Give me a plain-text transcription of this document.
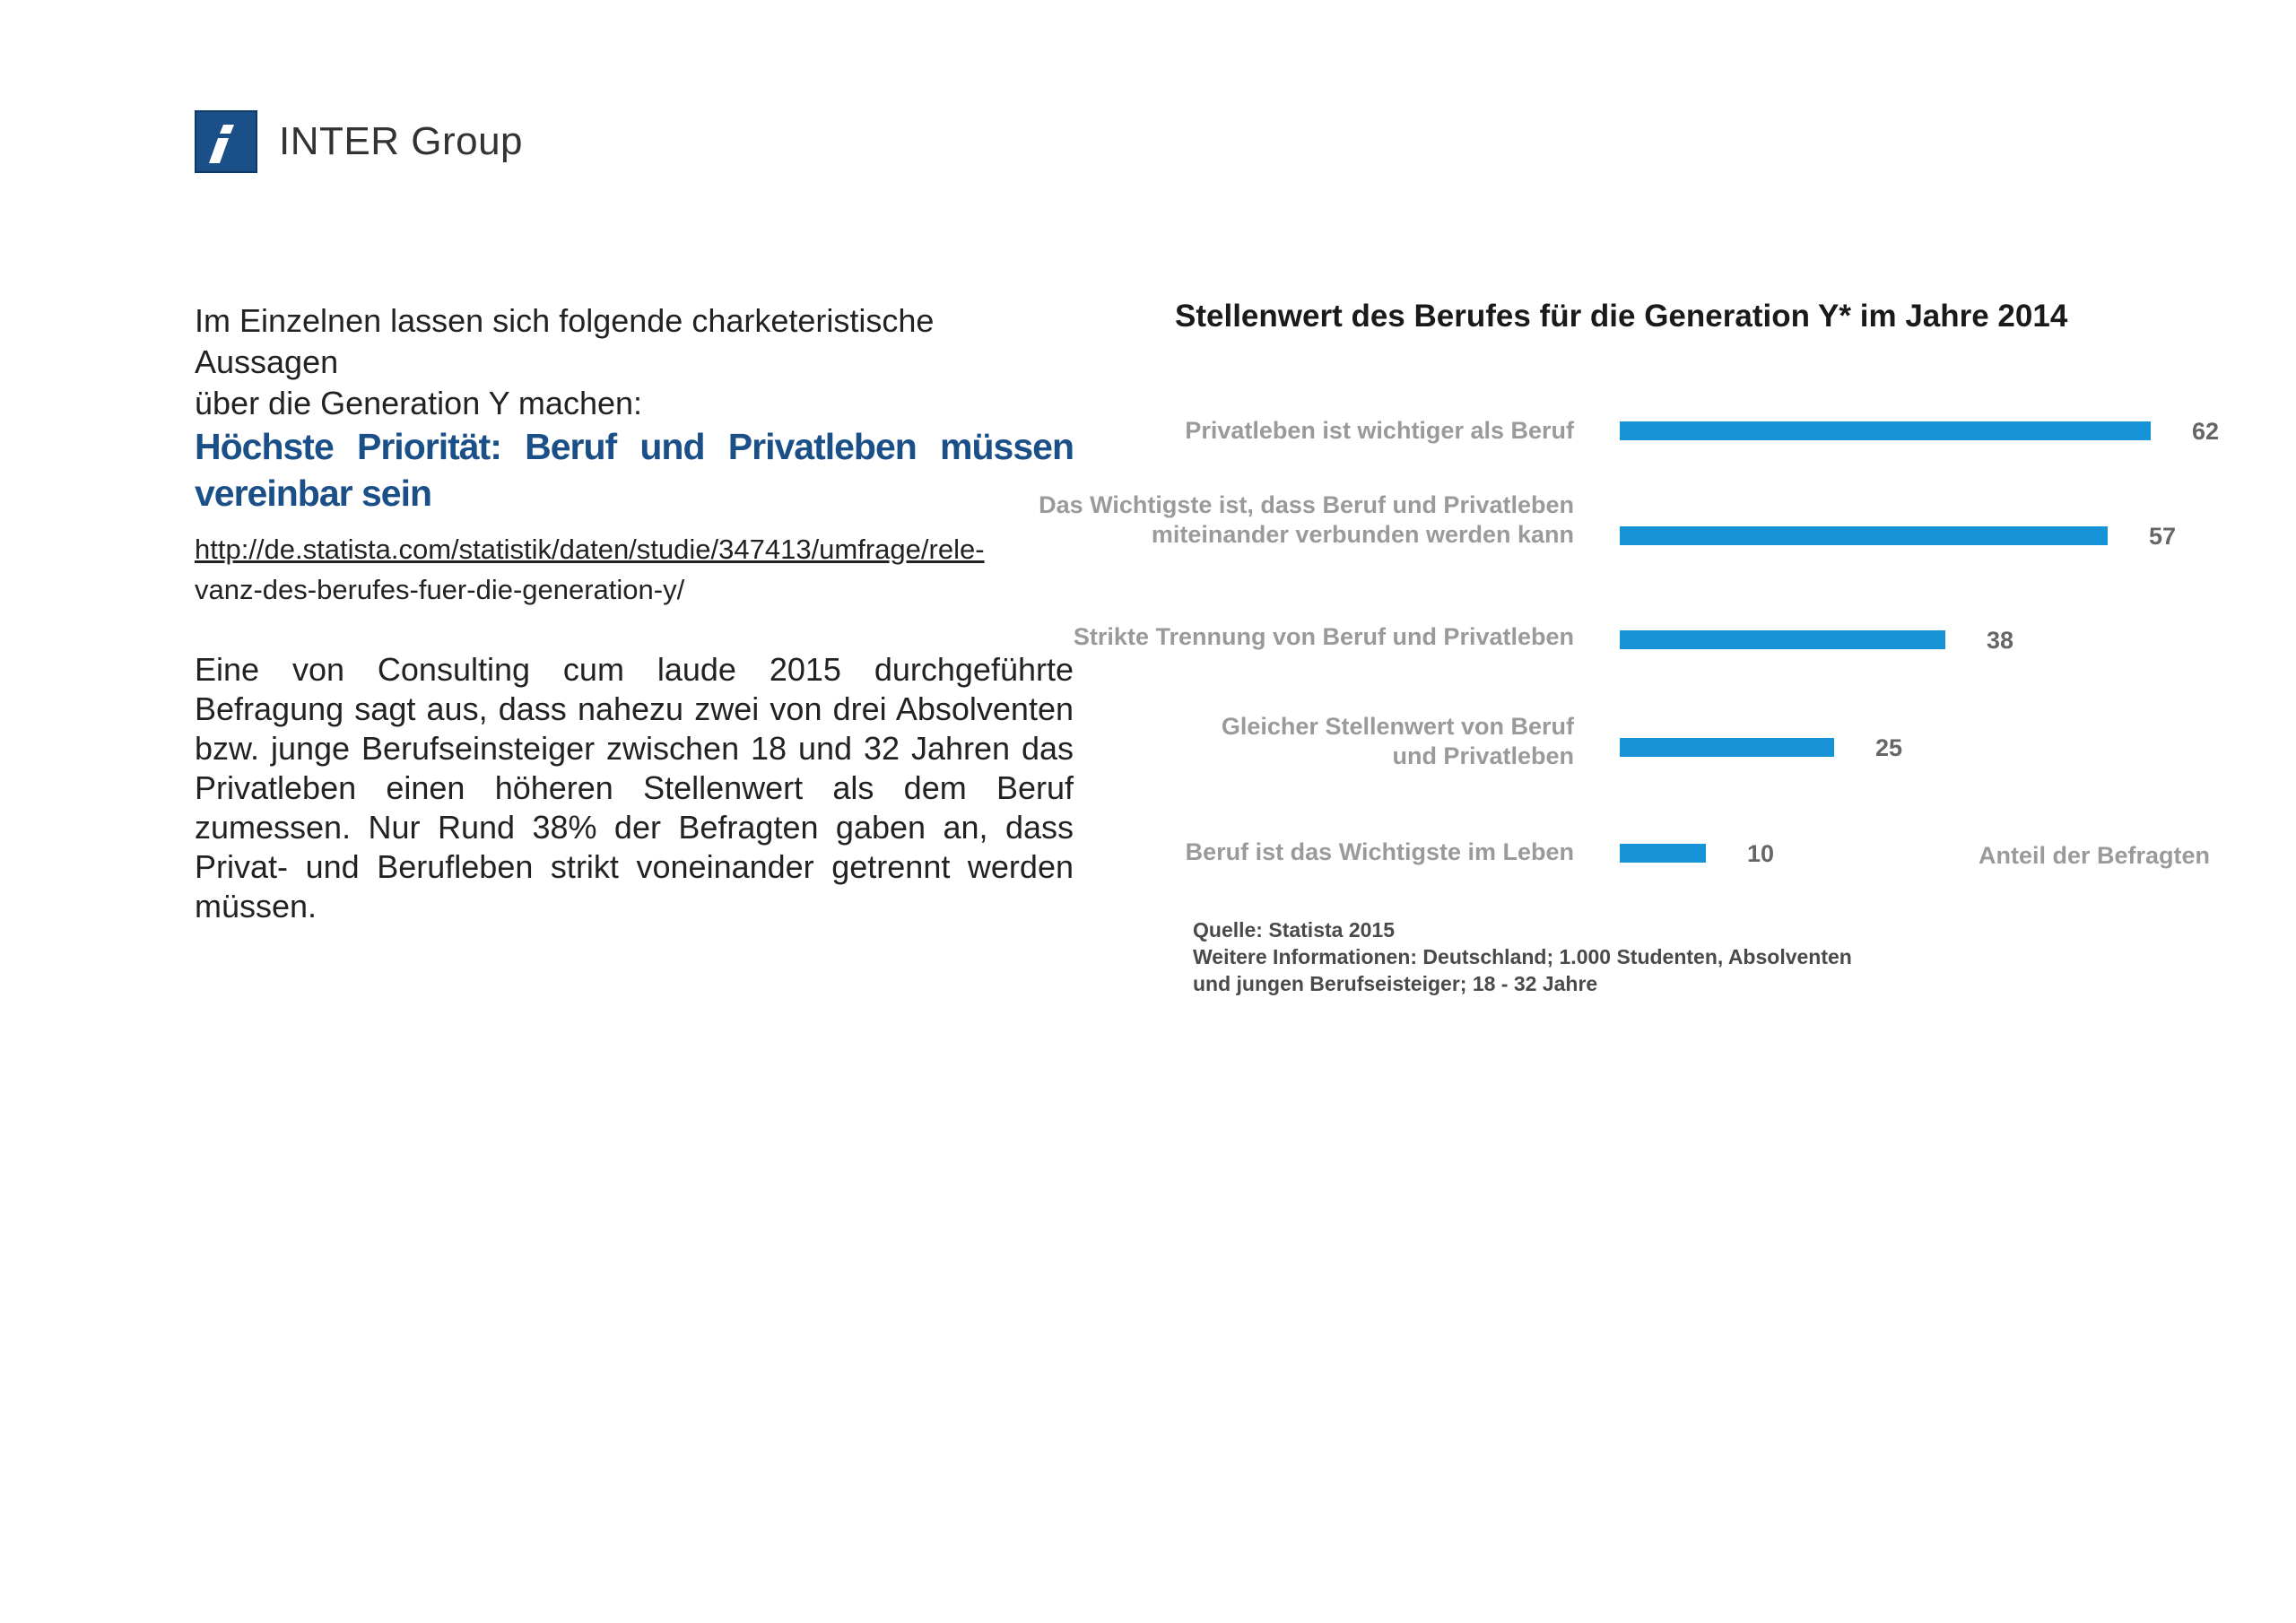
INTER Group
Im Einzelnen lassen sich folgende charketeristische Aussagen
über die Generation Y machen:
Höchste Priorität: Beruf und Privatleben müssen vereinbar sein
http://de.statista.com/statistik/daten/studie/347413/umfrage/rele-
vanz-des-berufes-fuer-die-generation-y/
Eine von Consulting cum laude 2015 durchgeführte Befragung sagt aus, dass nahezu zwei von drei Absolventen bzw. junge Berufseinsteiger zwischen 18 und 32 Jahren das Privatleben einen höheren Stellenwert als dem Beruf zumessen. Nur Rund 38% der Befragten gaben an, dass Privat- und Berufleben strikt voneinander getrennt werden müssen.
Stellenwert des Berufes für die Generation Y* im Jahre 2014
Privatleben ist wichtiger als Beruf
Das Wichtigste ist, dass Beruf und Privatleben miteinander verbunden werden kann
Strikte Trennung von Beruf und Privatleben
Gleicher Stellenwert von Beruf und Privatleben
Beruf ist das Wichtigste im Leben
62
57
38
25
10	Anteil der Befragten
Quelle: Statista 2015
Weitere Informationen: Deutschland; 1.000 Studenten, Absolventen
und jungen Berufseisteiger; 18 - 32 Jahre
